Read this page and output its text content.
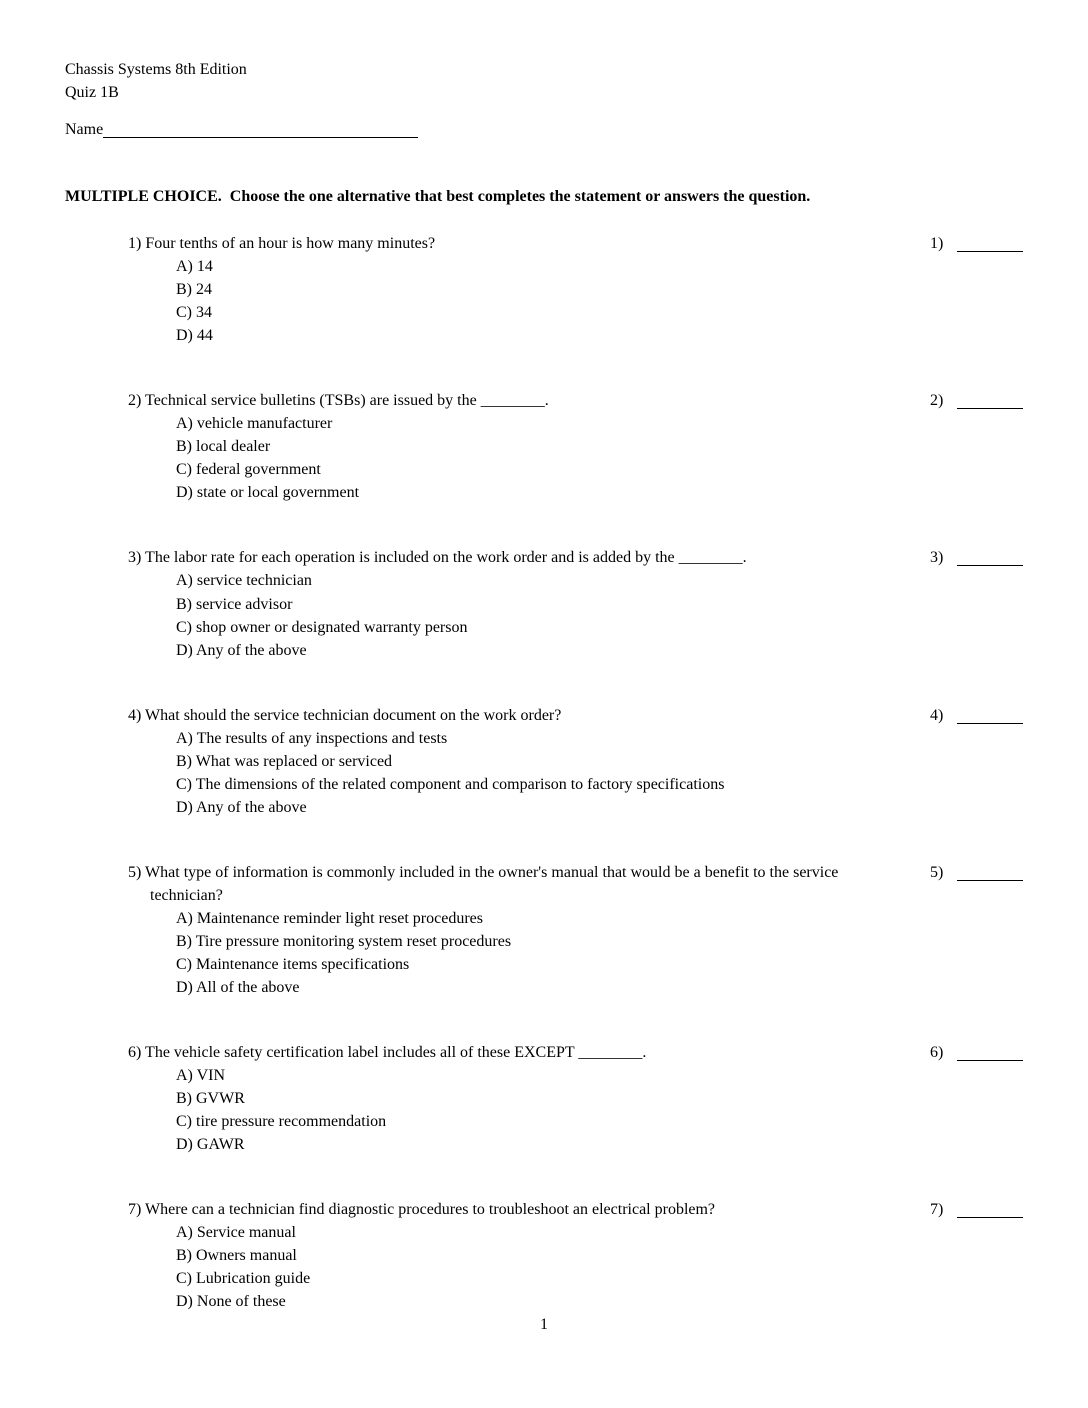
Chassis Systems 8th Edition
Quiz 1B
Name
MULTIPLE CHOICE.  Choose the one alternative that best completes the statement or answers the question.

1) Four tenths of an hour is how many minutes?

A) 14
B) 24
C) 34
D) 44
1)

2) Technical service bulletins (TSBs) are issued by the ________.

A) vehicle manufacturer
B) local dealer
C) federal government
D) state or local government
2)

3) The labor rate for each operation is included on the work order and is added by the ________.

A) service technician
B) service advisor
C) shop owner or designated warranty person
D) Any of the above
3)

4) What should the service technician document on the work order?

A) The results of any inspections and tests
B) What was replaced or serviced
C) The dimensions of the related component and comparison to factory specifications
D) Any of the above
4)

5) What type of information is commonly included in the owner's manual that would be a benefit to the service technician?

A) Maintenance reminder light reset procedures
B) Tire pressure monitoring system reset procedures
C) Maintenance items specifications
D) All of the above
5)

6) The vehicle safety certification label includes all of these EXCEPT ________.

A) VIN
B) GVWR
C) tire pressure recommendation
D) GAWR
6)

7) Where can a technician find diagnostic procedures to troubleshoot an electrical problem?

A) Service manual
B) Owners manual
C) Lubrication guide
D) None of these
7)
1
